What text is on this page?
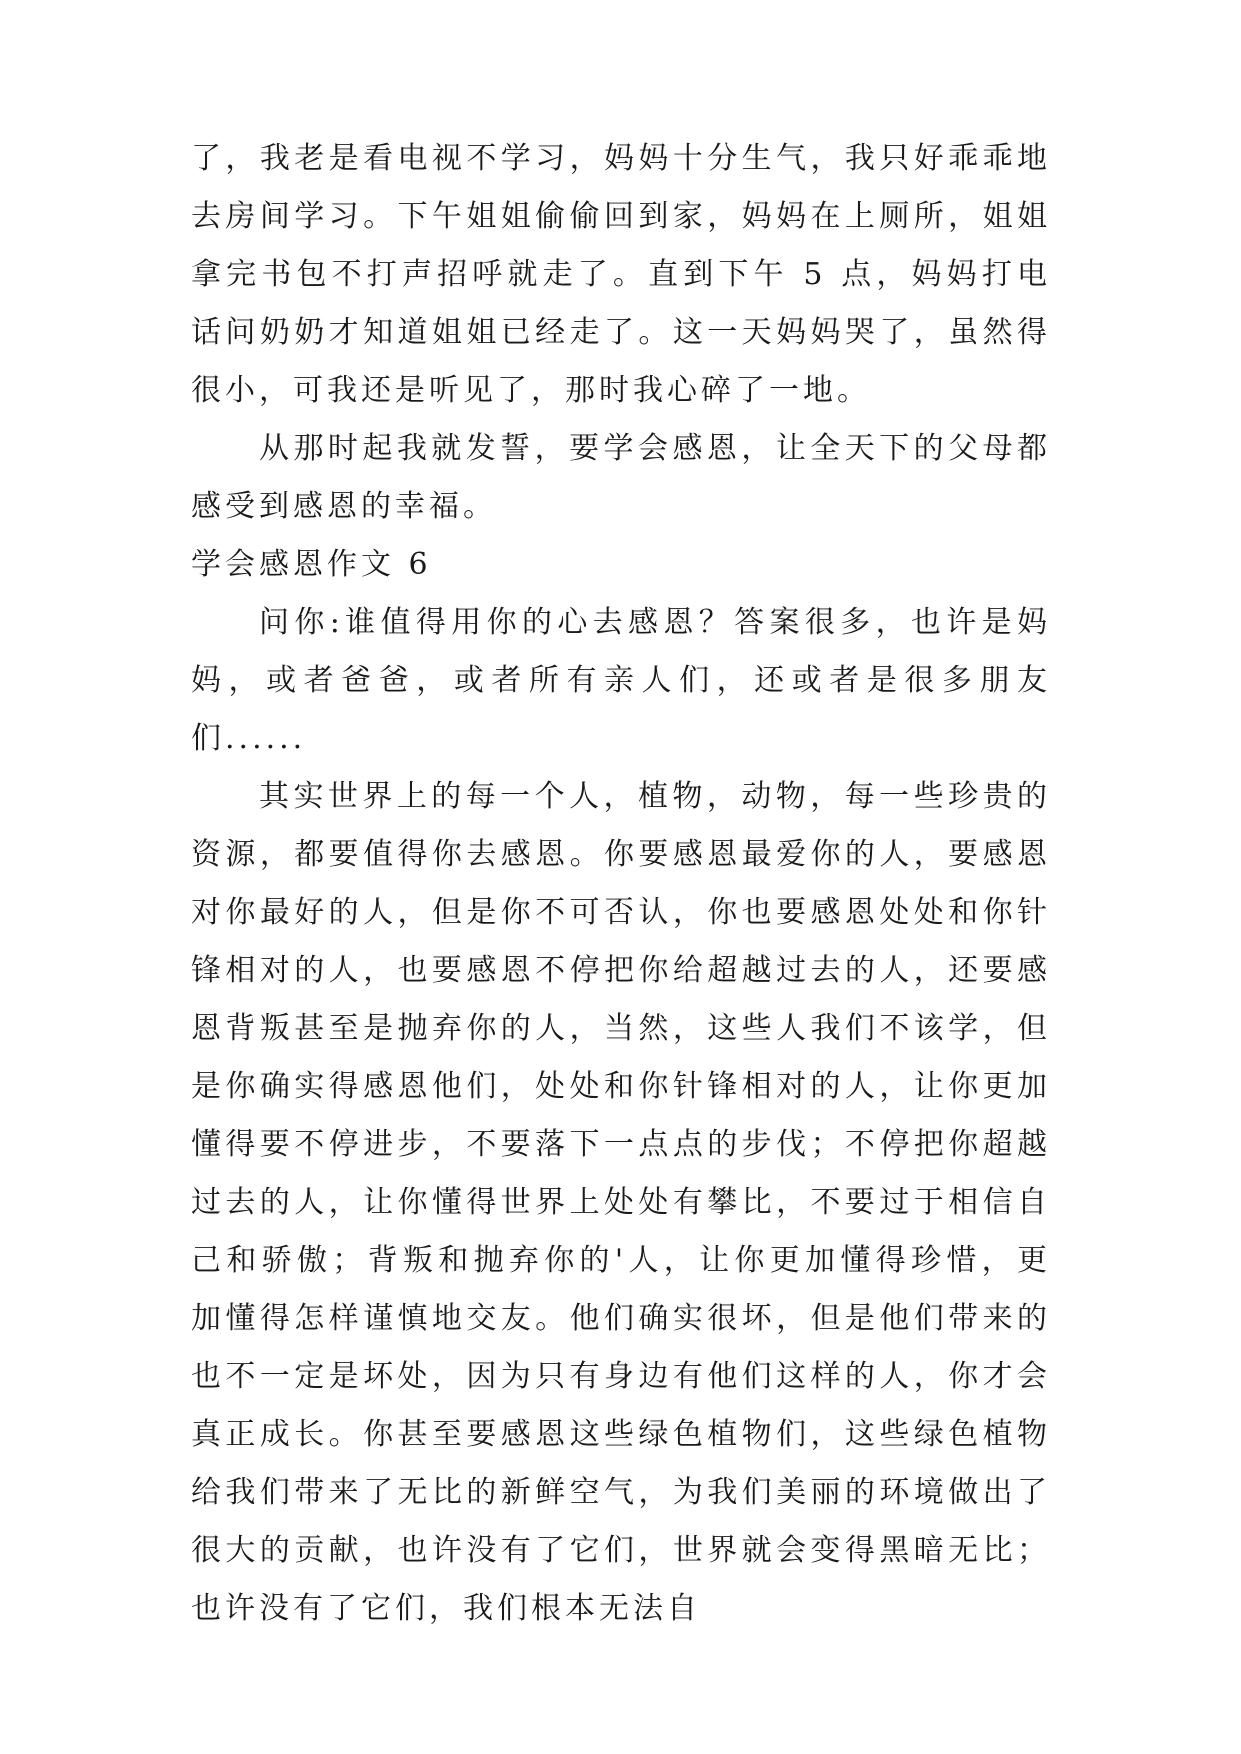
了，我老是看电视不学习，妈妈十分生气，我只好乖乖地去房间学习。下午姐姐偷偷回到家，妈妈在上厕所，姐姐拿完书包不打声招呼就走了。直到下午 5 点，妈妈打电话问奶奶才知道姐姐已经走了。这一天妈妈哭了，虽然得很小，可我还是听见了，那时我心碎了一地。

从那时起我就发誓，要学会感恩，让全天下的父母都感受到感恩的幸福。

学会感恩作文 6

问你:谁值得用你的心去感恩？答案很多，也许是妈妈，或者爸爸，或者所有亲人们，还或者是很多朋友们......

其实世界上的每一个人，植物，动物，每一些珍贵的资源，都要值得你去感恩。你要感恩最爱你的人，要感恩对你最好的人，但是你不可否认，你也要感恩处处和你针锋相对的人，也要感恩不停把你给超越过去的人，还要感恩背叛甚至是抛弃你的人，当然，这些人我们不该学，但是你确实得感恩他们，处处和你针锋相对的人，让你更加懂得要不停进步，不要落下一点点的步伐；不停把你超越过去的人，让你懂得世界上处处有攀比，不要过于相信自己和骄傲；背叛和抛弃你的'人，让你更加懂得珍惜，更加懂得怎样谨慎地交友。他们确实很坏，但是他们带来的也不一定是坏处，因为只有身边有他们这样的人，你才会真正成长。你甚至要感恩这些绿色植物们，这些绿色植物给我们带来了无比的新鲜空气，为我们美丽的环境做出了很大的贡献，也许没有了它们，世界就会变得黑暗无比；也许没有了它们，我们根本无法自
